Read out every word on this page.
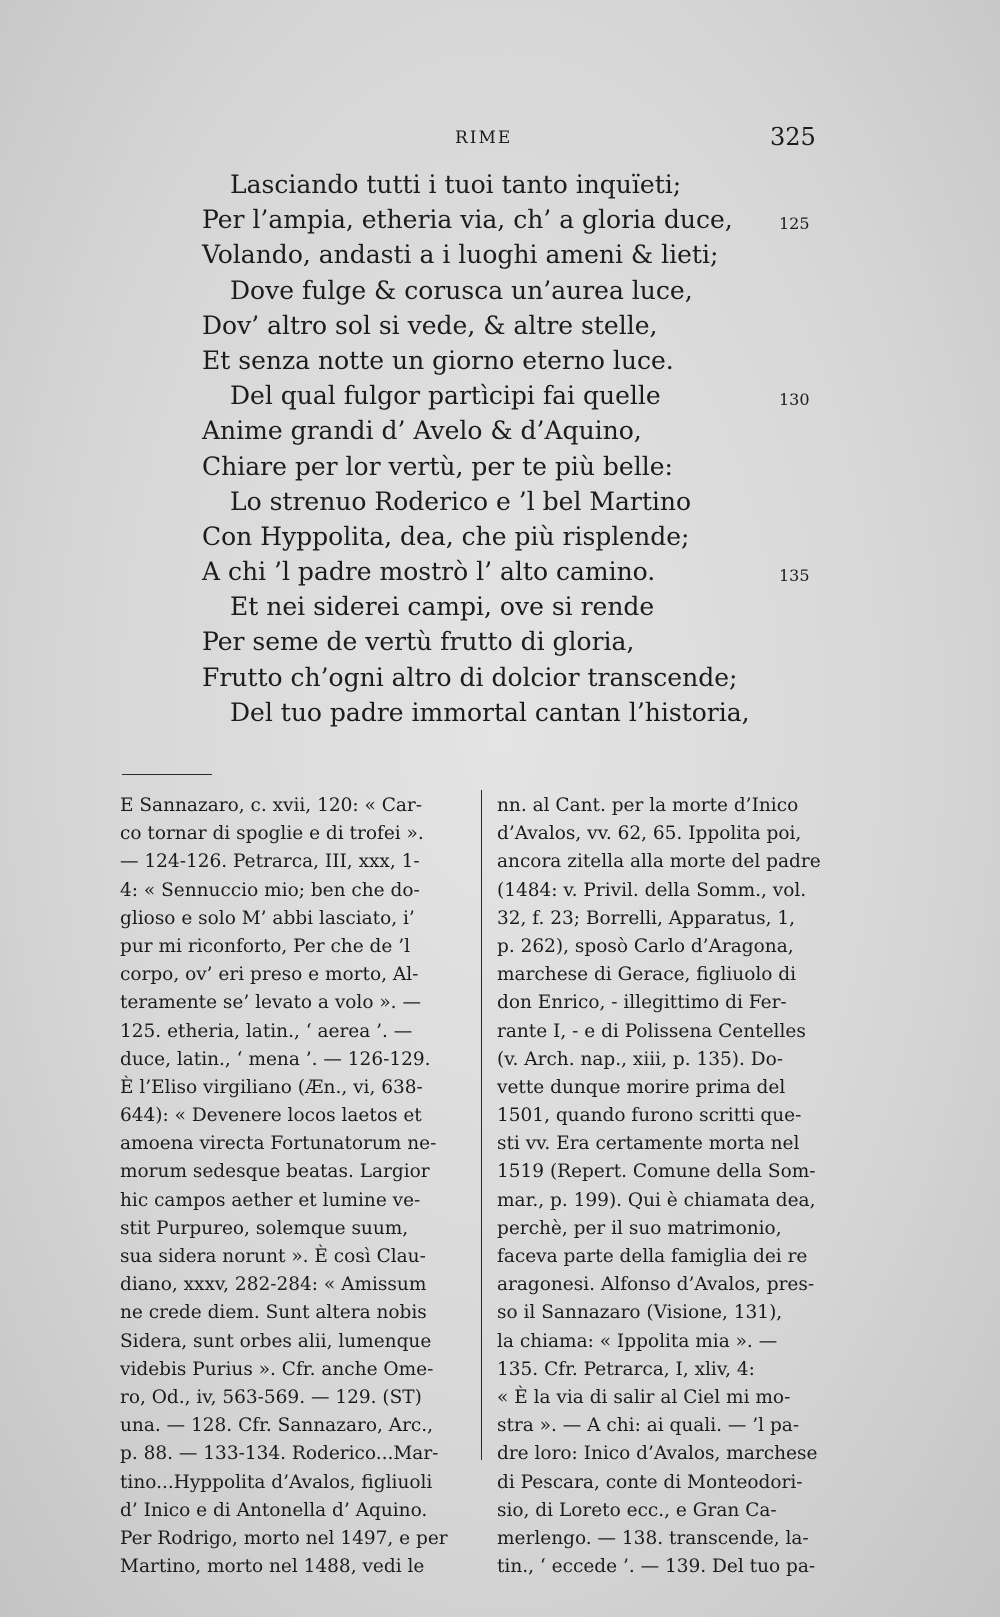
RIME	325
Lasciando tutti i tuoi tanto inquïeti;
Per l’ampia, etheria via, ch’ a gloria duce,	125
Volando, andasti a i luoghi ameni & lieti;
Dove fulge & corusca un’aurea luce,
Dov’ altro sol si vede, & altre stelle,
Et senza notte un giorno eterno luce.
Del qual fulgor partìcipi fai quelle	130
Anime grandi d’ Avelo & d’Aquino,
Chiare per lor vertù, per te più belle:
Lo strenuo Roderico e ’l bel Martino
Con Hyppolita, dea, che più risplende;
A chi ’l padre mostrò l’ alto camino.	135
Et nei siderei campi, ove si rende
Per seme de vertù frutto di gloria,
Frutto ch’ogni altro di dolcior transcende;
Del tuo padre immortal cantan l’historia,
E Sannazaro, c. xvii, 120: « Car-
co tornar di spoglie e di trofei ».
— 124-126. Petrarca, III, xxx, 1-
4: « Sennuccio mio; ben che do-
glioso e solo M’ abbi lasciato, i’
pur mi riconforto, Per che de ’l
corpo, ov’ eri preso e morto, Al-
teramente se’ levato a volo ». —
125. etheria, latin., ‘ aerea ’. —
duce, latin., ‘ mena ’. — 126-129.
È l’Eliso virgiliano (Æn., vi, 638-
644): « Devenere locos laetos et
amoena virecta Fortunatorum ne-
morum sedesque beatas. Largior
hic campos aether et lumine ve-
stit Purpureo, solemque suum,
sua sidera norunt ». È così Clau-
diano, xxxv, 282-284: « Amissum
ne crede diem. Sunt altera nobis
Sidera, sunt orbes alii, lumenque
videbis Purius ». Cfr. anche Ome-
ro, Od., iv, 563-569. — 129. (ST)
una. — 128. Cfr. Sannazaro, Arc.,
p. 88. — 133-134. Roderico...Mar-
tino...Hyppolita d’Avalos, figliuoli
d’ Inico e di Antonella d’ Aquino.
Per Rodrigo, morto nel 1497, e per
Martino, morto nel 1488, vedi le
nn. al Cant. per la morte d’Inico
d’Avalos, vv. 62, 65. Ippolita poi,
ancora zitella alla morte del padre
(1484: v. Privil. della Somm., vol.
32, f. 23; Borrelli, Apparatus, 1,
p. 262), sposò Carlo d’Aragona,
marchese di Gerace, figliuolo di
don Enrico, - illegittimo di Fer-
rante I, - e di Polissena Centelles
(v. Arch. nap., xiii, p. 135). Do-
vette dunque morire prima del
1501, quando furono scritti que-
sti vv. Era certamente morta nel
1519 (Repert. Comune della Som-
mar., p. 199). Qui è chiamata dea,
perchè, per il suo matrimonio,
faceva parte della famiglia dei re
aragonesi. Alfonso d’Avalos, pres-
so il Sannazaro (Visione, 131),
la chiama: « Ippolita mia ». —
135. Cfr. Petrarca, I, xliv, 4:
« È la via di salir al Ciel mi mo-
stra ». — A chi: ai quali. — ’l pa-
dre loro: Inico d’Avalos, marchese
di Pescara, conte di Monteodori-
sio, di Loreto ecc., e Gran Ca-
merlengo. — 138. transcende, la-
tin., ‘ eccede ’. — 139. Del tuo pa-
